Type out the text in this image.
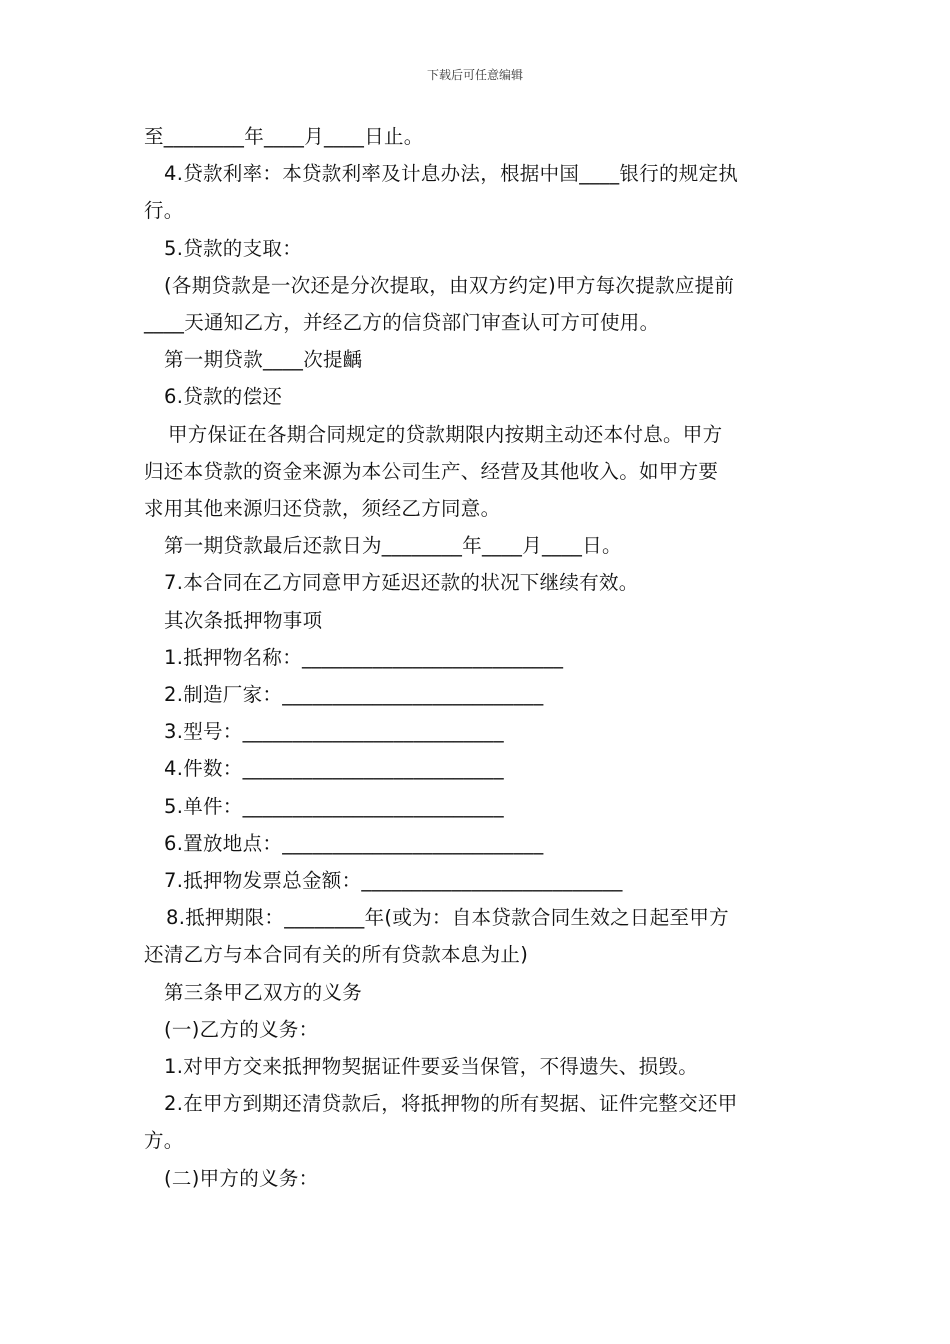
下载后可任意编辑

至________年____月____日止。

4.贷款利率：本贷款利率及计息办法，根据中国____银行的规定执

行。

5.贷款的支取：

(各期贷款是一次还是分次提取，由双方约定)甲方每次提款应提前

____天通知乙方，并经乙方的信贷部门审查认可方可使用。

第一期贷款____次提齲

6.贷款的偿还

甲方保证在各期合同规定的贷款期限内按期主动还本付息。甲方

归还本贷款的资金来源为本公司生产、经营及其他收入。如甲方要

求用其他来源归还贷款，须经乙方同意。

第一期贷款最后还款日为________年____月____日。

7.本合同在乙方同意甲方延迟还款的状况下继续有效。

其次条抵押物事项

1.抵押物名称：__________________________

2.制造厂家：__________________________

3.型号：__________________________

4.件数：__________________________

5.单件：__________________________

6.置放地点：__________________________

7.抵押物发票总金额：__________________________

8.抵押期限：________年(或为：自本贷款合同生效之日起至甲方

还清乙方与本合同有关的所有贷款本息为止)

第三条甲乙双方的义务

(一)乙方的义务：

1.对甲方交来抵押物契据证件要妥当保管，不得遗失、损毁。

2.在甲方到期还清贷款后，将抵押物的所有契据、证件完整交还甲

方。

(二)甲方的义务：
